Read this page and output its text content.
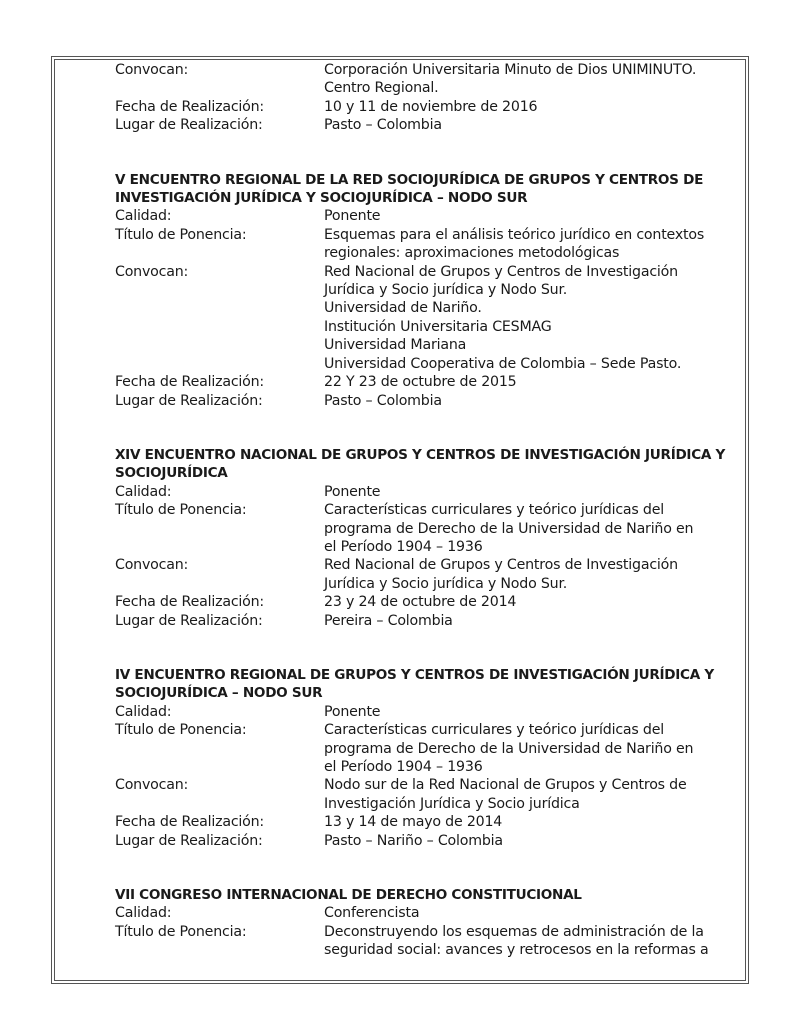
Convocan:	Corporación Universitaria Minuto de Dios UNIMINUTO.
Centro Regional.
Fecha de Realización:	10 y 11 de noviembre de 2016
Lugar de Realización:	Pasto – Colombia
V ENCUENTRO REGIONAL DE LA RED SOCIOJURÍDICA DE GRUPOS Y CENTROS DE
INVESTIGACIÓN JURÍDICA Y SOCIOJURÍDICA – NODO SUR
Calidad:	Ponente
Título de Ponencia:	Esquemas para el análisis teórico jurídico en contextos
regionales: aproximaciones metodológicas
Convocan:	Red Nacional de Grupos y Centros de Investigación
Jurídica y Socio jurídica y Nodo Sur.
Universidad de Nariño.
Institución Universitaria CESMAG
Universidad Mariana
Universidad Cooperativa de Colombia – Sede Pasto.
Fecha de Realización:	22 Y 23 de octubre de 2015
Lugar de Realización:	Pasto – Colombia
XIV ENCUENTRO NACIONAL DE GRUPOS Y CENTROS DE INVESTIGACIÓN JURÍDICA Y
SOCIOJURÍDICA
Calidad:	Ponente
Título de Ponencia:	Características curriculares y teórico jurídicas del
programa de Derecho de la Universidad de Nariño en
el Período 1904 – 1936
Convocan:	Red Nacional de Grupos y Centros de Investigación
Jurídica y Socio jurídica y Nodo Sur.
Fecha de Realización:	23 y 24 de octubre de 2014
Lugar de Realización:	Pereira – Colombia
IV ENCUENTRO REGIONAL DE GRUPOS Y CENTROS DE INVESTIGACIÓN JURÍDICA Y
SOCIOJURÍDICA – NODO SUR
Calidad:	Ponente
Título de Ponencia:	Características curriculares y teórico jurídicas del
programa de Derecho de la Universidad de Nariño en
el Período 1904 – 1936
Convocan:	Nodo sur de la Red Nacional de Grupos y Centros de
Investigación Jurídica y Socio jurídica
Fecha de Realización:	13 y 14 de mayo de 2014
Lugar de Realización:	Pasto – Nariño – Colombia
VII CONGRESO INTERNACIONAL DE DERECHO CONSTITUCIONAL
Calidad:	Conferencista
Título de Ponencia:	Deconstruyendo los esquemas de administración de la
seguridad social: avances y retrocesos en la reformas a
